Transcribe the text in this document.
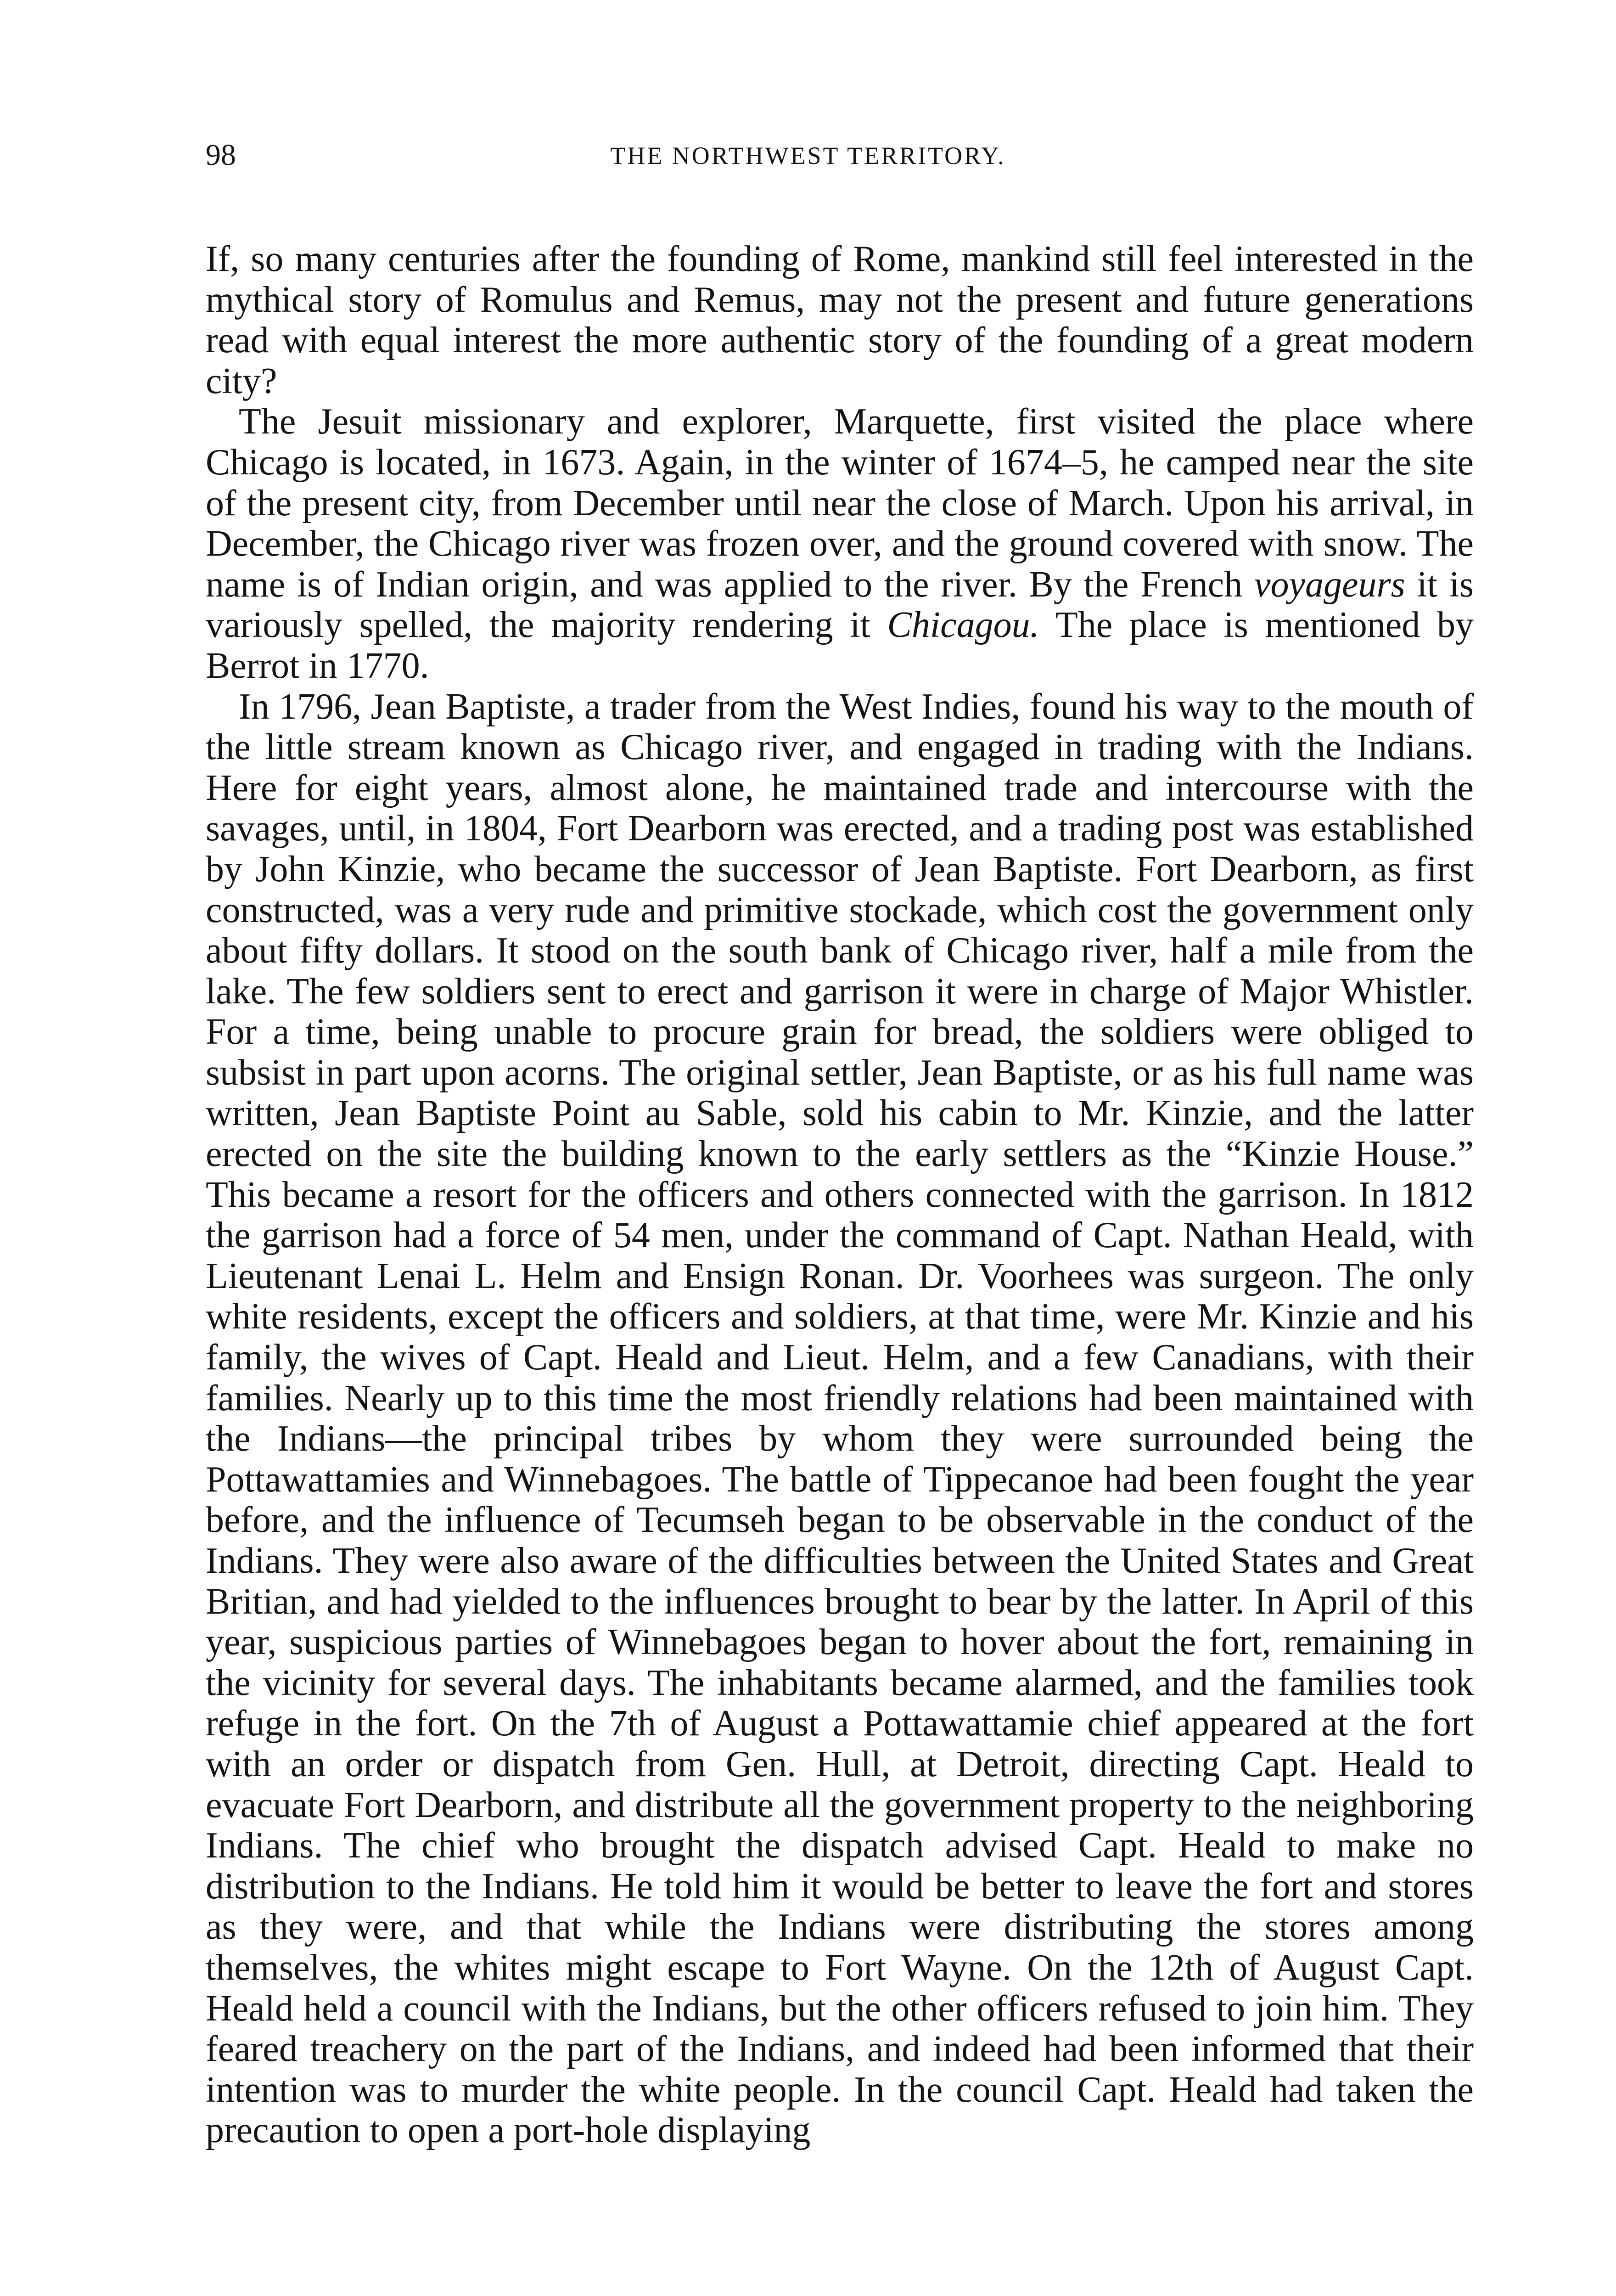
98	THE NORTHWEST TERRITORY.

If, so many centuries after the founding of Rome, mankind still feel interested in the mythical story of Romulus and Remus, may not the present and future generations read with equal interest the more authentic story of the founding of a great modern city?

The Jesuit missionary and explorer, Marquette, first visited the place where Chicago is located, in 1673. Again, in the winter of 1674–5, he camped near the site of the present city, from December until near the close of March. Upon his arrival, in December, the Chicago river was frozen over, and the ground covered with snow. The name is of Indian origin, and was applied to the river. By the French voyageurs it is variously spelled, the majority rendering it Chicagou. The place is mentioned by Berrot in 1770.

In 1796, Jean Baptiste, a trader from the West Indies, found his way to the mouth of the little stream known as Chicago river, and engaged in trading with the Indians. Here for eight years, almost alone, he maintained trade and intercourse with the savages, until, in 1804, Fort Dearborn was erected, and a trading post was established by John Kinzie, who became the successor of Jean Baptiste. Fort Dearborn, as first constructed, was a very rude and primitive stockade, which cost the government only about fifty dollars. It stood on the south bank of Chicago river, half a mile from the lake. The few soldiers sent to erect and garrison it were in charge of Major Whistler. For a time, being unable to procure grain for bread, the soldiers were obliged to subsist in part upon acorns. The original settler, Jean Baptiste, or as his full name was written, Jean Baptiste Point au Sable, sold his cabin to Mr. Kinzie, and the latter erected on the site the building known to the early settlers as the “Kinzie House.” This became a resort for the officers and others connected with the garrison. In 1812 the garrison had a force of 54 men, under the command of Capt. Nathan Heald, with Lieutenant Lenai L. Helm and Ensign Ronan. Dr. Voorhees was surgeon. The only white residents, except the officers and soldiers, at that time, were Mr. Kinzie and his family, the wives of Capt. Heald and Lieut. Helm, and a few Canadians, with their families. Nearly up to this time the most friendly relations had been maintained with the Indians—the principal tribes by whom they were surrounded being the Pottawattamies and Winnebagoes. The battle of Tippecanoe had been fought the year before, and the influence of Tecumseh began to be observable in the conduct of the Indians. They were also aware of the difficulties between the United States and Great Britian, and had yielded to the influences brought to bear by the latter. In April of this year, suspicious parties of Winnebagoes began to hover about the fort, remaining in the vicinity for several days. The inhabitants became alarmed, and the families took refuge in the fort. On the 7th of August a Pottawattamie chief appeared at the fort with an order or dispatch from Gen. Hull, at Detroit, directing Capt. Heald to evacuate Fort Dearborn, and distribute all the government property to the neighboring Indians. The chief who brought the dispatch advised Capt. Heald to make no distribution to the Indians. He told him it would be better to leave the fort and stores as they were, and that while the Indians were distributing the stores among themselves, the whites might escape to Fort Wayne. On the 12th of August Capt. Heald held a council with the Indians, but the other officers refused to join him. They feared treachery on the part of the Indians, and indeed had been informed that their intention was to murder the white people. In the council Capt. Heald had taken the precaution to open a port-hole displaying
